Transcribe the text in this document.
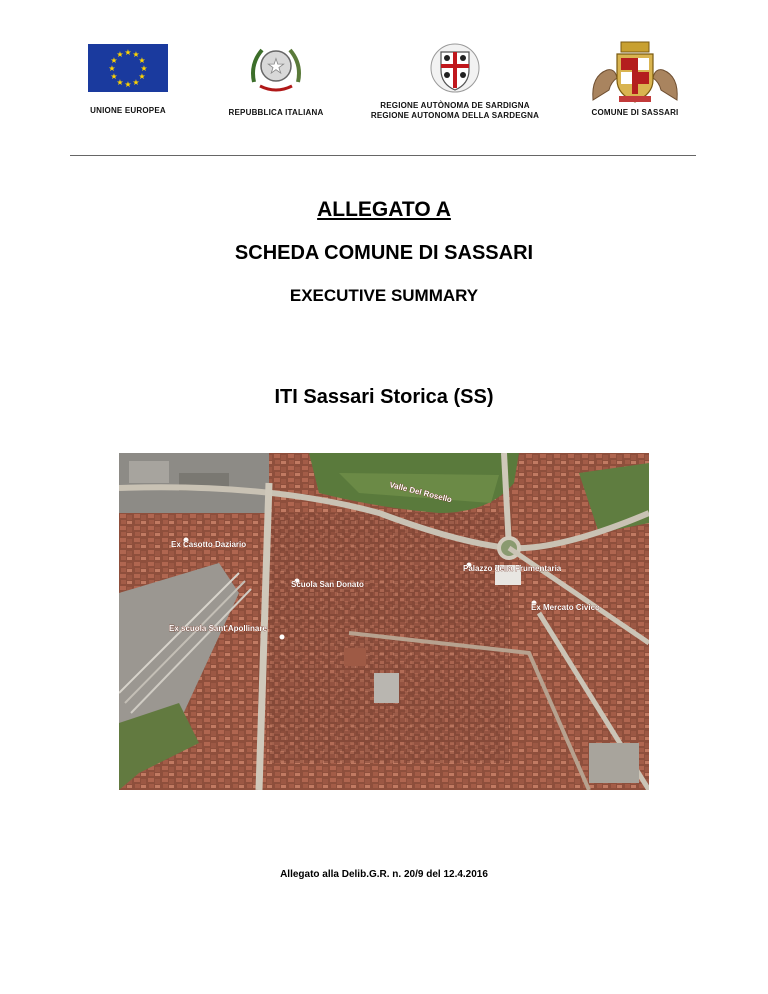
★ ★
★
★
★
★
★
★
★
★
★
★
UNIONE EUROPEA
★
REPUBBLICA ITALIANA
REGIONE AUTÒNOMA DE SARDIGNA
REGIONE AUTONOMA DELLA SARDEGNA	COMUNE DI SASSARI
ALLEGATO A
SCHEDA COMUNE DI SASSARI
EXECUTIVE SUMMARY
ITI Sassari Storica (SS)
Valle Del Rosello
Ex Casotto Daziario
Palazzo della Frumentaria
Scuola San Donato
Ex Mercato Civico
Ex scuola Sant'Apollinare
Allegato alla Delib.G.R. n. 20/9 del 12.4.2016
